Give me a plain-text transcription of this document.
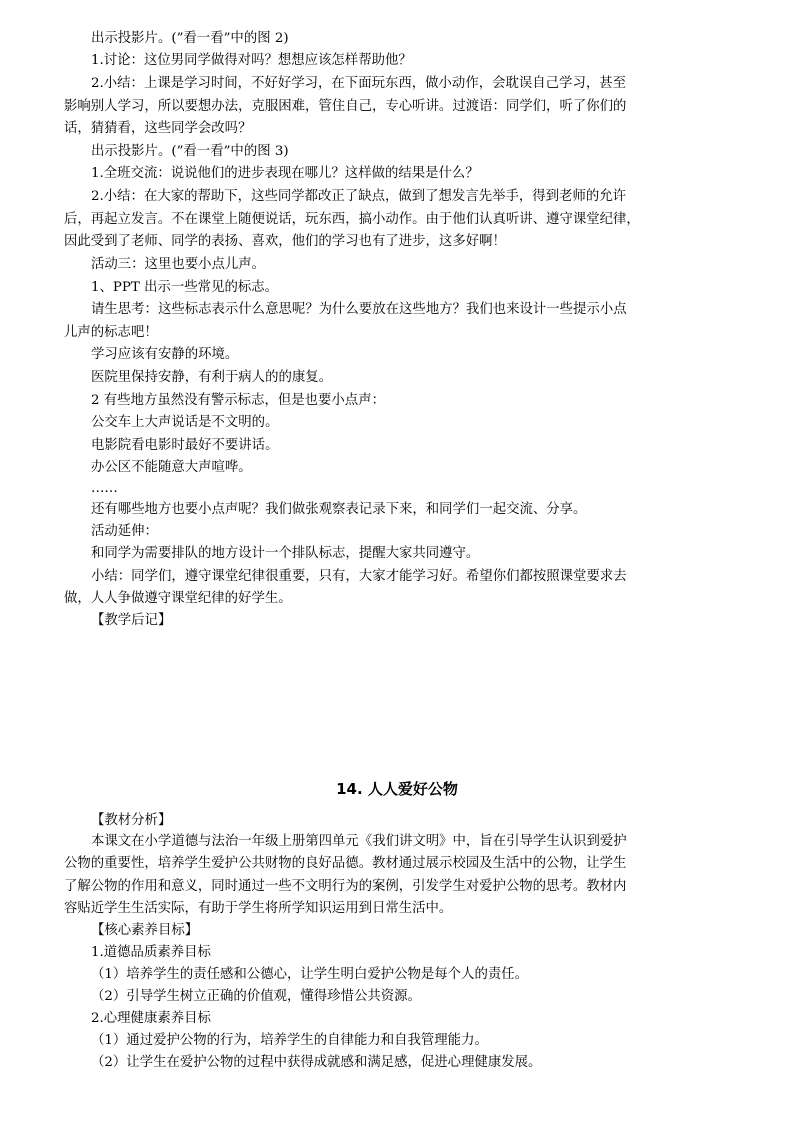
出示投影片。(”看一看”中的图 2)
1.讨论：这位男同学做得对吗？想想应该怎样帮助他？
2.小结：上课是学习时间，不好好学习，在下面玩东西，做小动作，会耽误自己学习，甚至
影响别人学习，所以要想办法，克服困难，管住自己，专心听讲。过渡语：同学们，听了你们的
话，猜猜看，这些同学会改吗？
出示投影片。(”看一看”中的图 3)
1.全班交流：说说他们的进步表现在哪儿？这样做的结果是什么？
2.小结：在大家的帮助下，这些同学都改正了缺点，做到了想发言先举手，得到老师的允许
后，再起立发言。不在课堂上随便说话，玩东西，搞小动作。由于他们认真听讲、遵守课堂纪律，
因此受到了老师、同学的表扬、喜欢，他们的学习也有了进步，这多好啊！
活动三：这里也要小点儿声。
1、PPT 出示一些常见的标志。
请生思考：这些标志表示什么意思呢？为什么要放在这些地方？我们也来设计一些提示小点
儿声的标志吧！
学习应该有安静的环境。
医院里保持安静，有利于病人的的康复。
2 有些地方虽然没有警示标志，但是也要小点声：
公交车上大声说话是不文明的。
电影院看电影时最好不要讲话。
办公区不能随意大声喧哗。
……
还有哪些地方也要小点声呢？我们做张观察表记录下来，和同学们一起交流、分享。
活动延伸：
和同学为需要排队的地方设计一个排队标志，提醒大家共同遵守。
小结：同学们，遵守课堂纪律很重要，只有，大家才能学习好。希望你们都按照课堂要求去
做，人人争做遵守课堂纪律的好学生。
【教学后记】
14. 人人爱好公物
【教材分析】
本课文在小学道德与法治一年级上册第四单元《我们讲文明》中，旨在引导学生认识到爱护
公物的重要性，培养学生爱护公共财物的良好品德。教材通过展示校园及生活中的公物，让学生
了解公物的作用和意义，同时通过一些不文明行为的案例，引发学生对爱护公物的思考。教材内
容贴近学生生活实际，有助于学生将所学知识运用到日常生活中。
【核心素养目标】
1.道德品质素养目标
（1）培养学生的责任感和公德心，让学生明白爱护公物是每个人的责任。
（2）引导学生树立正确的价值观，懂得珍惜公共资源。
2.心理健康素养目标
（1）通过爱护公物的行为，培养学生的自律能力和自我管理能力。
（2）让学生在爱护公物的过程中获得成就感和满足感，促进心理健康发展。
